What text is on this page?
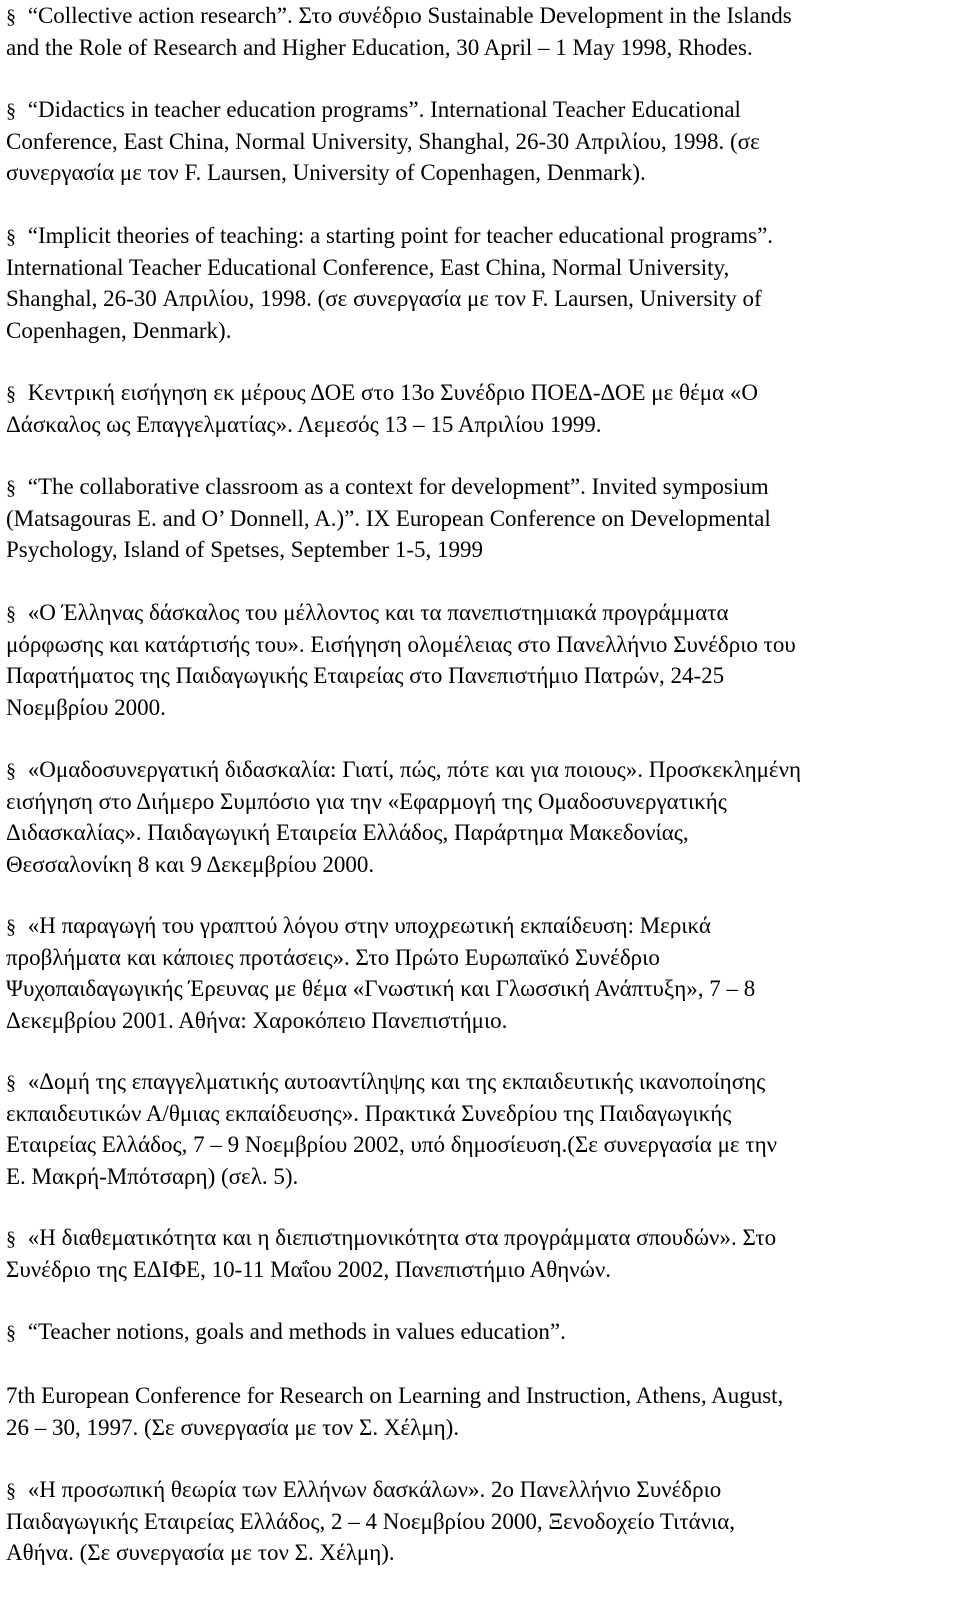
§ “Collective action research”. Στο συνέδριο Sustainable Development in the Islands
and the Role of Research and Higher Education, 30 April – 1 May 1998, Rhodes.
§ “Didactics in teacher education programs”. International Teacher Educational
Conference, East China, Normal University, Shanghal, 26-30 Απριλίου, 1998. (σε
συνεργασία με τον F. Laursen, University of Copenhagen, Denmark).
§ “Implicit theories of teaching: a starting point for teacher educational programs”.
International Teacher Educational Conference, East China, Normal University,
Shanghal, 26-30 Απριλίου, 1998. (σε συνεργασία με τον F. Laursen, University of
Copenhagen, Denmark).
§ Κεντρική εισήγηση εκ μέρους ΔΟΕ στο 13ο Συνέδριο ΠΟΕΔ-ΔΟΕ με θέμα «Ο
Δάσκαλος ως Επαγγελματίας». Λεμεσός 13 – 15 Απριλίου 1999.
§ “The collaborative classroom as a context for development”. Invited symposium
(Matsagouras E. and O’ Donnell, A.)”. IX European Conference on Developmental
Psychology, Island of Spetses, September 1-5, 1999
§ «Ο Έλληνας δάσκαλος του μέλλοντος και τα πανεπιστημιακά προγράμματα
μόρφωσης και κατάρτισής του». Εισήγηση ολομέλειας στο Πανελλήνιο Συνέδριο του
Παρατήματος της Παιδαγωγικής Εταιρείας στο Πανεπιστήμιο Πατρών, 24-25
Νοεμβρίου 2000.
§ «Ομαδοσυνεργατική διδασκαλία: Γιατί, πώς, πότε και για ποιους». Προσκεκλημένη
εισήγηση στο Διήμερο Συμπόσιο για την «Εφαρμογή της Ομαδοσυνεργατικής
Διδασκαλίας». Παιδαγωγική Εταιρεία Ελλάδος, Παράρτημα Μακεδονίας,
Θεσσαλονίκη 8 και 9 Δεκεμβρίου 2000.
§ «Η παραγωγή του γραπτού λόγου στην υποχρεωτική εκπαίδευση: Μερικά
προβλήματα και κάποιες προτάσεις». Στο Πρώτο Ευρωπαϊκό Συνέδριο
Ψυχοπαιδαγωγικής Έρευνας με θέμα «Γνωστική και Γλωσσική Ανάπτυξη», 7 – 8
Δεκεμβρίου 2001. Αθήνα: Χαροκόπειο Πανεπιστήμιο.
§ «Δομή της επαγγελματικής αυτοαντίληψης και της εκπαιδευτικής ικανοποίησης
εκπαιδευτικών Α/θμιας εκπαίδευσης». Πρακτικά Συνεδρίου της Παιδαγωγικής
Εταιρείας Ελλάδος, 7 – 9 Νοεμβρίου 2002, υπό δημοσίευση.(Σε συνεργασία με την
Ε. Μακρή-Μπότσαρη) (σελ. 5).
§ «Η διαθεματικότητα και η διεπιστημονικότητα στα προγράμματα σπουδών». Στο
Συνέδριο της ΕΔΙΦΕ, 10-11 Μαΐου 2002, Πανεπιστήμιο Αθηνών.
§ “Teacher notions, goals and methods in values education”.
7th European Conference for Research on Learning and Instruction, Athens, August,
26 – 30, 1997. (Σε συνεργασία με τον Σ. Χέλμη).
§ «Η προσωπική θεωρία των Ελλήνων δασκάλων». 2ο Πανελλήνιο Συνέδριο
Παιδαγωγικής Εταιρείας Ελλάδος, 2 – 4 Νοεμβρίου 2000, Ξενοδοχείο Τιτάνια,
Αθήνα. (Σε συνεργασία με τον Σ. Χέλμη).
